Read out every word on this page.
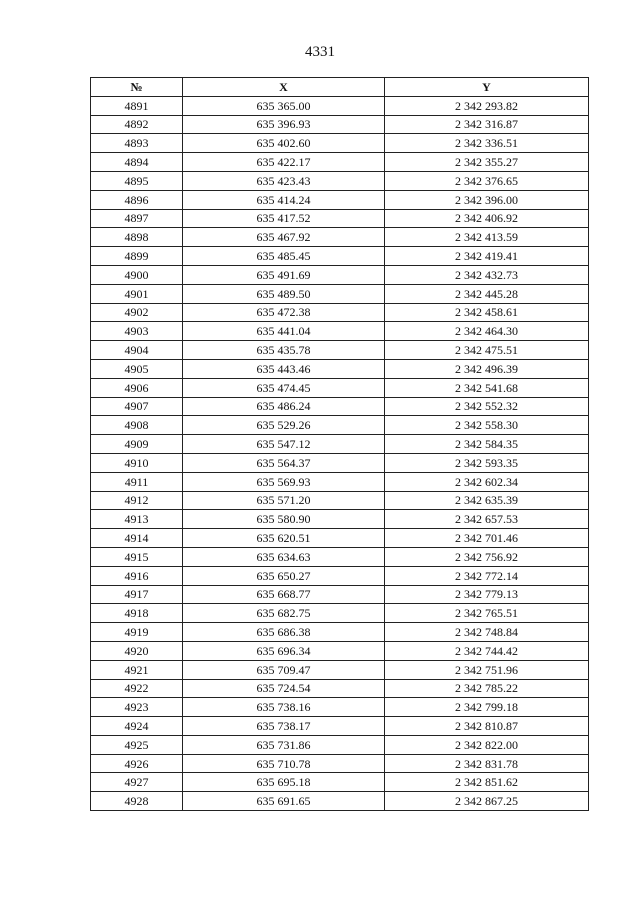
4331
№	X	Y
4891	635 365.00	2 342 293.82
4892	635 396.93	2 342 316.87
4893	635 402.60	2 342 336.51
4894	635 422.17	2 342 355.27
4895	635 423.43	2 342 376.65
4896	635 414.24	2 342 396.00
4897	635 417.52	2 342 406.92
4898	635 467.92	2 342 413.59
4899	635 485.45	2 342 419.41
4900	635 491.69	2 342 432.73
4901	635 489.50	2 342 445.28
4902	635 472.38	2 342 458.61
4903	635 441.04	2 342 464.30
4904	635 435.78	2 342 475.51
4905	635 443.46	2 342 496.39
4906	635 474.45	2 342 541.68
4907	635 486.24	2 342 552.32
4908	635 529.26	2 342 558.30
4909	635 547.12	2 342 584.35
4910	635 564.37	2 342 593.35
4911	635 569.93	2 342 602.34
4912	635 571.20	2 342 635.39
4913	635 580.90	2 342 657.53
4914	635 620.51	2 342 701.46
4915	635 634.63	2 342 756.92
4916	635 650.27	2 342 772.14
4917	635 668.77	2 342 779.13
4918	635 682.75	2 342 765.51
4919	635 686.38	2 342 748.84
4920	635 696.34	2 342 744.42
4921	635 709.47	2 342 751.96
4922	635 724.54	2 342 785.22
4923	635 738.16	2 342 799.18
4924	635 738.17	2 342 810.87
4925	635 731.86	2 342 822.00
4926	635 710.78	2 342 831.78
4927	635 695.18	2 342 851.62
4928	635 691.65	2 342 867.25
